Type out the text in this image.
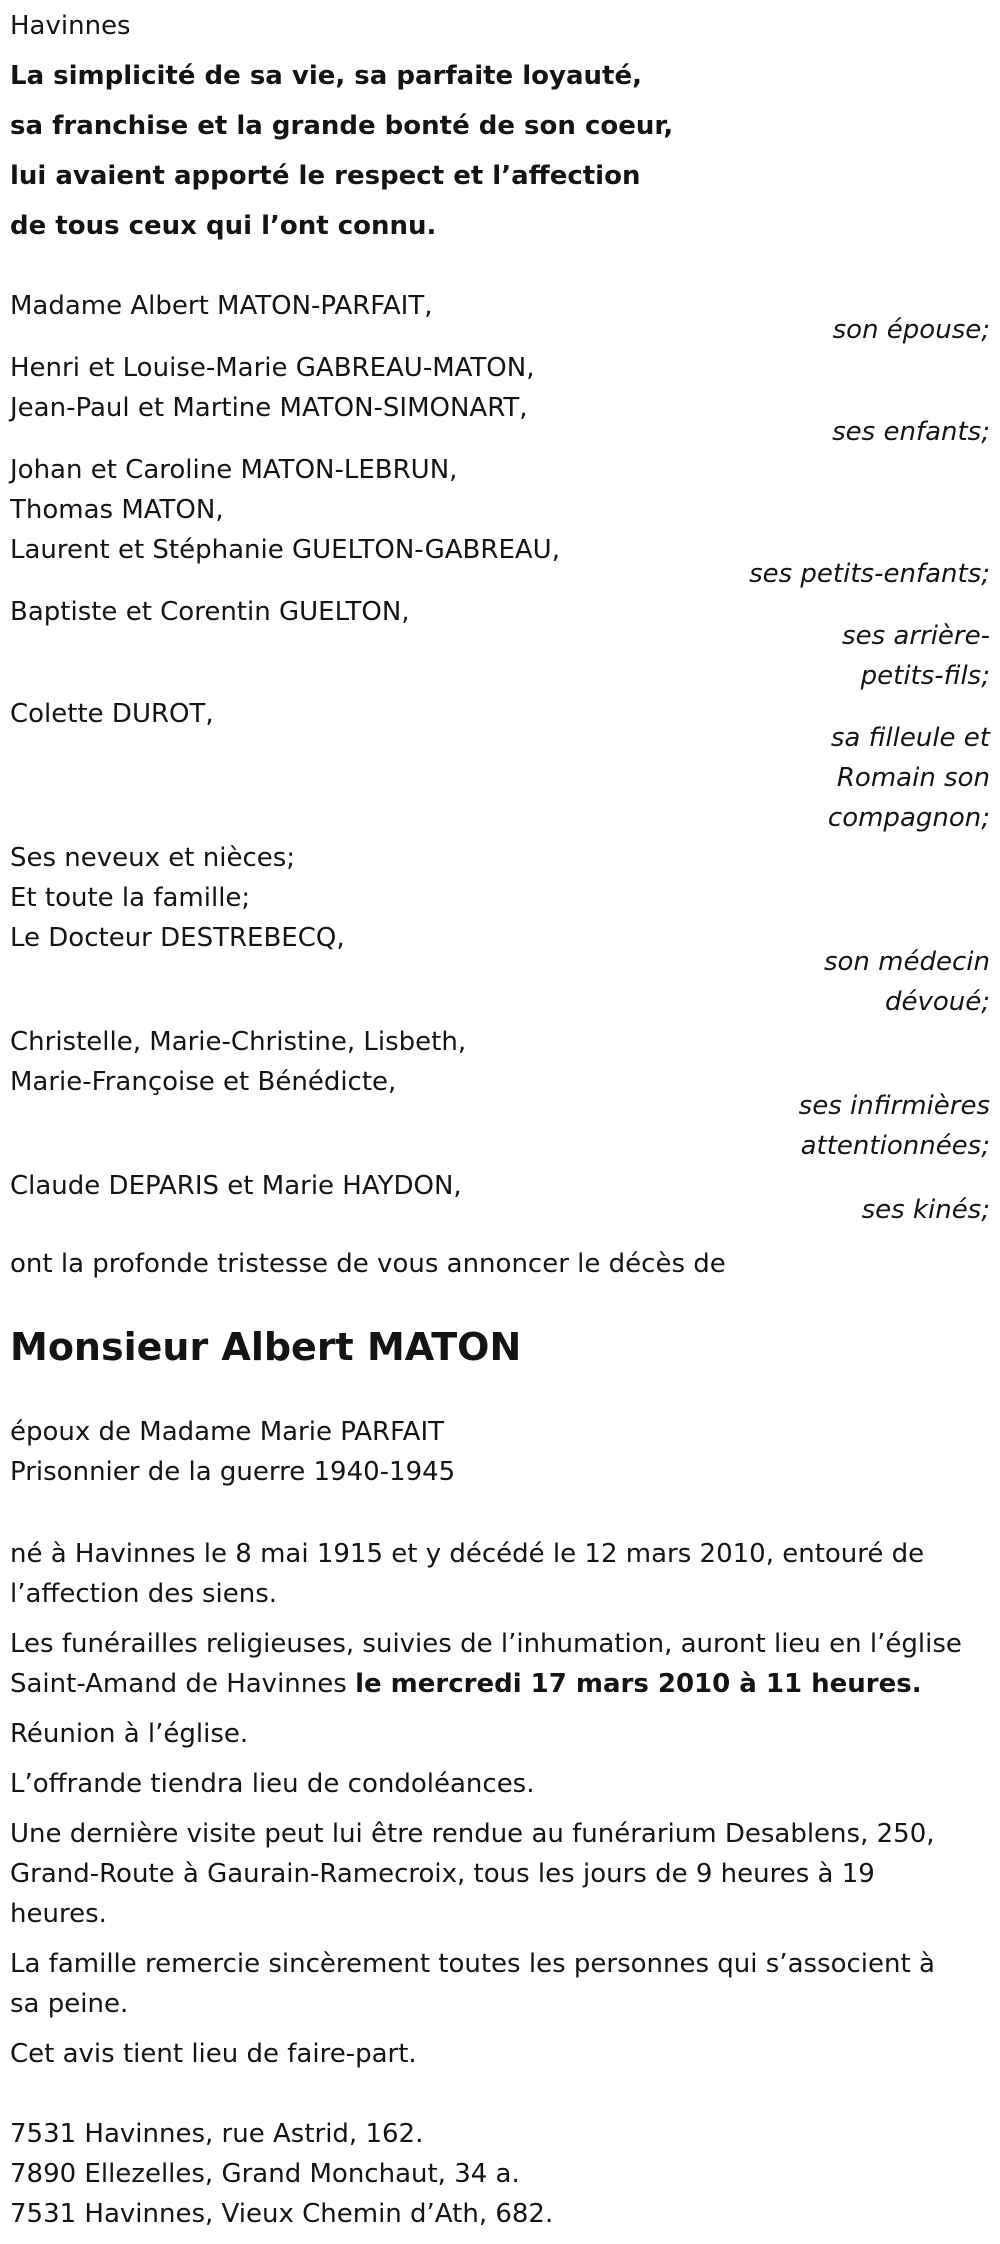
Havinnes

La simplicité de sa vie, sa parfaite loyauté,

sa franchise et la grande bonté de son coeur,

lui avaient apporté le respect et l’affection

de tous ceux qui l’ont connu.

Madame Albert MATON-PARFAIT,

son épouse;

Henri et Louise-Marie GABREAU-MATON,

Jean-Paul et Martine MATON-SIMONART,

ses enfants;

Johan et Caroline MATON-LEBRUN,

Thomas MATON,

Laurent et Stéphanie GUELTON-GABREAU,

ses petits-enfants;

Baptiste et Corentin GUELTON,

ses arrière-

petits-fils;

Colette DUROT,

sa filleule et

Romain son

compagnon;

Ses neveux et nièces;

Et toute la famille;

Le Docteur DESTREBECQ,

son médecin

dévoué;

Christelle, Marie-Christine, Lisbeth,

Marie-Françoise et Bénédicte,

ses infirmières

attentionnées;

Claude DEPARIS et Marie HAYDON,

ses kinés;

ont la profonde tristesse de vous annoncer le décès de

Monsieur Albert MATON

époux de Madame Marie PARFAIT

Prisonnier de la guerre 1940-1945

né à Havinnes le 8 mai 1915 et y décédé le 12 mars 2010, entouré de

l’affection des siens.

Les funérailles religieuses, suivies de l’inhumation, auront lieu en l’église

Saint-Amand de Havinnes le mercredi 17 mars 2010 à 11 heures.

Réunion à l’église.

L’offrande tiendra lieu de condoléances.

Une dernière visite peut lui être rendue au funérarium Desablens, 250,

Grand-Route à Gaurain-Ramecroix, tous les jours de 9 heures à 19

heures.

La famille remercie sincèrement toutes les personnes qui s’associent à

sa peine.

Cet avis tient lieu de faire-part.

7531 Havinnes, rue Astrid, 162.

7890 Ellezelles, Grand Monchaut, 34 a.

7531 Havinnes, Vieux Chemin d’Ath, 682.
